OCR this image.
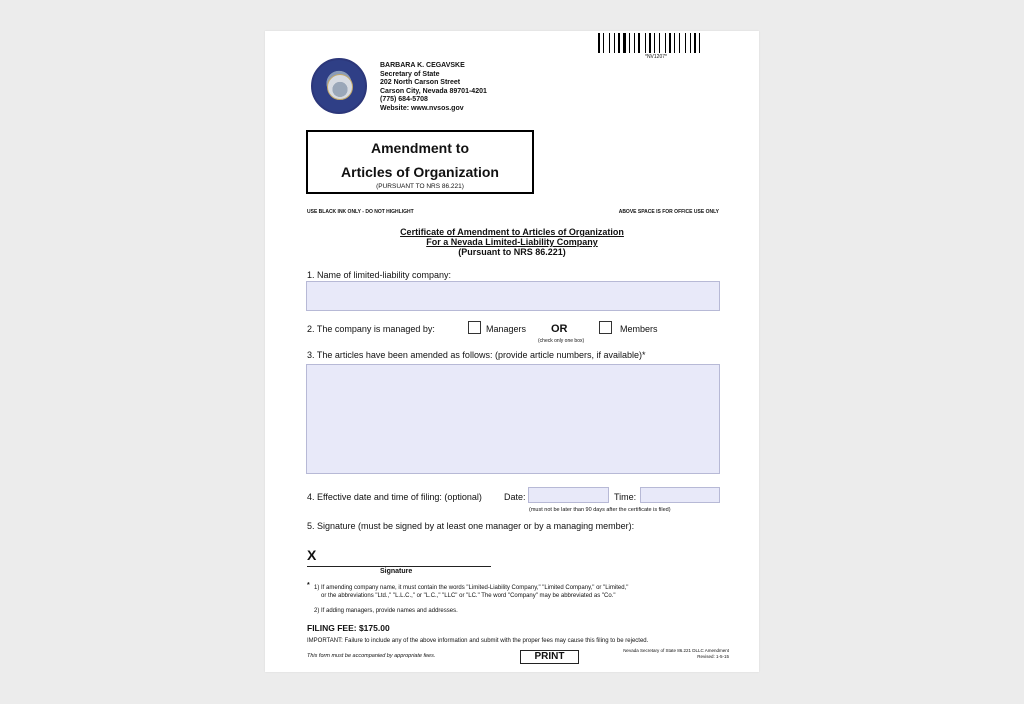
BARBARA K. CEGAVSKE
Secretary of State
202 North Carson Street
Carson City, Nevada 89701-4201
(775) 684-5708
Website: www.nvsos.gov
*NV1207*
Amendment to
Articles of Organization
(PURSUANT TO NRS 86.221)
USE BLACK INK ONLY - DO NOT HIGHLIGHT	ABOVE SPACE IS FOR OFFICE USE ONLY
Certificate of Amendment to Articles of Organization
For a Nevada Limited-Liability Company
(Pursuant to NRS 86.221)
1. Name of limited-liability company:
2. The company is managed by:	Managers OR	Members
(check only one box)
3. The articles have been amended as follows: (provide article numbers, if available)*
4. Effective date and time of filing: (optional) Date:	Time:
(must not be later than 90 days after the certificate is filed)
5. Signature (must be signed by at least one manager or by a managing member):
X
Signature
* 1) If amending company name, it must contain the words "Limited-Liability Company," "Limited Company," or "Limited,"
or the abbreviations "Ltd.," "L.L.C.," or "L.C.," "LLC" or "LC." The word "Company" may be abbreviated as "Co."
2) If adding managers, provide names and addresses.
FILING FEE: $175.00
IMPORTANT: Failure to include any of the above information and submit with the proper fees may cause this filing to be rejected.
This form must be accompanied by appropriate fees.	PRINT
Nevada Secretary of State 86.221 DLLC Amendment
Revised: 1-5-15
